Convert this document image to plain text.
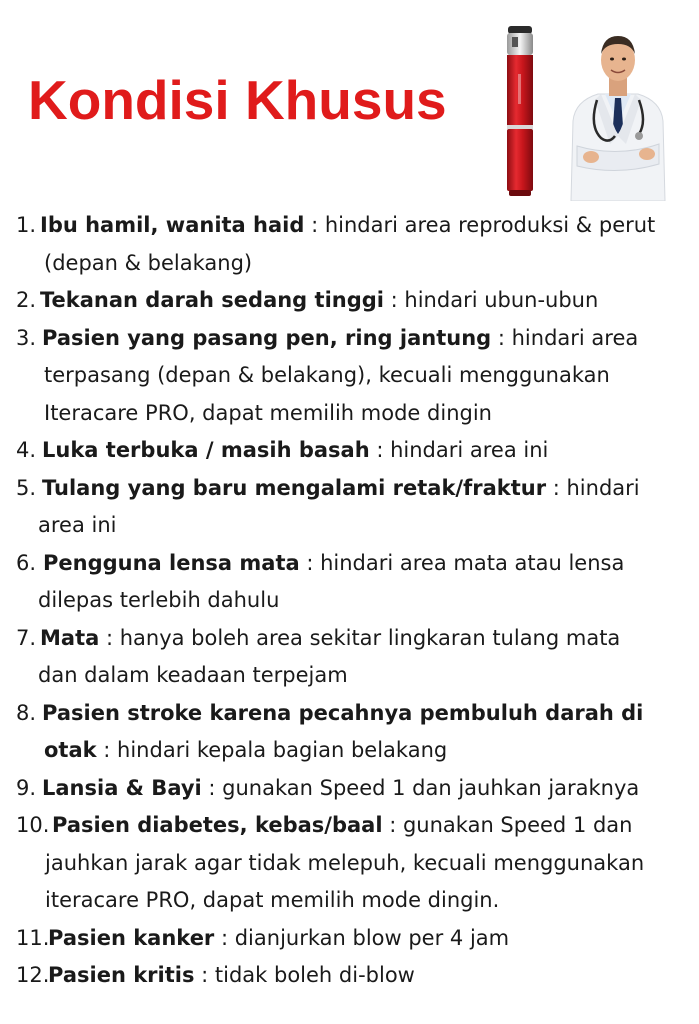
Kondisi Khusus
1. Ibu hamil, wanita haid : hindari area reproduksi & perut
(depan & belakang)
2. Tekanan darah sedang tinggi : hindari ubun-ubun
3. Pasien yang pasang pen, ring jantung : hindari area
terpasang (depan & belakang), kecuali menggunakan
Iteracare PRO, dapat memilih mode dingin
4. Luka terbuka / masih basah : hindari area ini
5. Tulang yang baru mengalami retak/fraktur : hindari
area ini
6. Pengguna lensa mata : hindari area mata atau lensa
dilepas terlebih dahulu
7. Mata : hanya boleh area sekitar lingkaran tulang mata
dan dalam keadaan terpejam
8. Pasien stroke karena pecahnya pembuluh darah di
otak : hindari kepala bagian belakang
9. Lansia & Bayi : gunakan Speed 1 dan jauhkan jaraknya
10. Pasien diabetes, kebas/baal : gunakan Speed 1 dan
jauhkan jarak agar tidak melepuh, kecuali menggunakan
iteracare PRO, dapat memilih mode dingin.
11.
Pasien kanker : dianjurkan blow per 4 jam
12.
Pasien kritis : tidak boleh di-blow
